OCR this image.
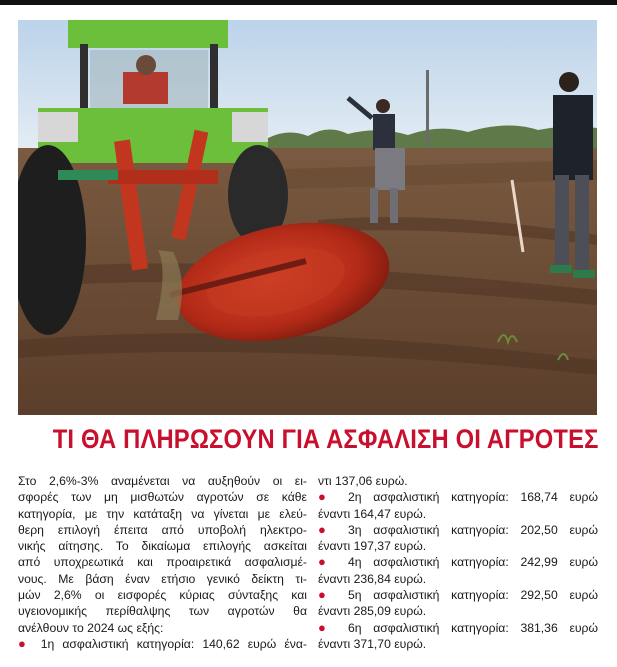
ΤΙ ΘΑ ΠΛΗΡΩΣΟΥΝ ΓΙΑ ΑΣΦΑΛΙΣΗ ΟΙ ΑΓΡΟΤΕΣ
Στο 2,6%-3% αναμένεται να αυξηθούν οι ει-
σφορές των μη μισθωτών αγροτών σε κάθε
κατηγορία, με την κατάταξη να γίνεται με ελεύ-
θερη επιλογή έπειτα από υποβολή ηλεκτρο-
νικής αίτησης. Το δικαίωμα επιλογής ασκείται
από υποχρεωτικά και προαιρετικά ασφαλισμέ-
νους. Με βάση έναν ετήσιο γενικό δείκτη τι-
μών 2,6% οι εισφορές κύριας σύνταξης και
υγειονομικής περίθαλψης των αγροτών θα
ανέλθουν το 2024 ως εξής:
● 1η ασφαλιστική κατηγορία: 140,62 ευρώ ένα-
ντι 137,06 ευρώ.
● 2η ασφαλιστική κατηγορία: 168,74 ευρώ
έναντι 164,47 ευρώ.
● 3η ασφαλιστική κατηγορία: 202,50 ευρώ
έναντι 197,37 ευρώ.
● 4η ασφαλιστική κατηγορία: 242,99 ευρώ
έναντι 236,84 ευρώ.
● 5η ασφαλιστική κατηγορία: 292,50 ευρώ
έναντι 285,09 ευρώ.
● 6η ασφαλιστική κατηγορία: 381,36 ευρώ
έναντι 371,70 ευρώ.
